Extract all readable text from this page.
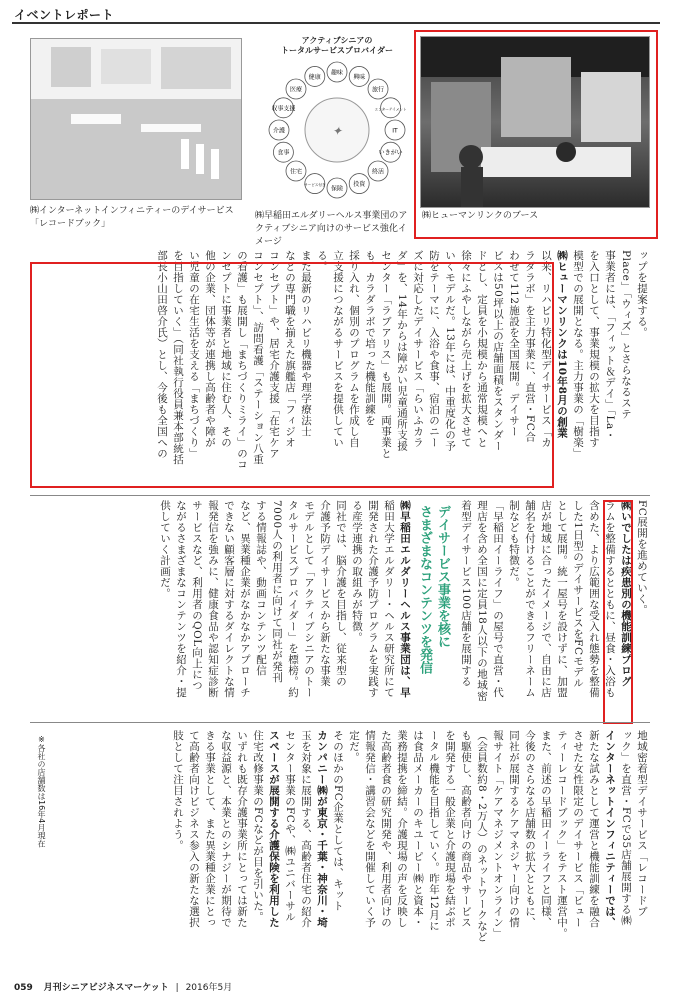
イベントレポート
㈱インターネットインフィニティーのデイサービス「レコードブック」
アクティブシニアの
トータルサービスプロバイダー
✦
趣味
興味
旅行
エンターテイメント
IT
いきがい
終活
投資
保険
サービス付き
住宅
食事
介護
収事支援
医療
健康
㈱早稲田エルダリーヘルス事業団のアクティブシニア向けのサービス強化イメージ
㈱ヒューマンリンクのブース
ップを提案する。
Place」「ウィズ」とさらなるステ
事業者には、「フィット＆デイ」「La・
を入口として、事業規模の拡大を目指す
模型での展開となる。主力事業の「樹楽」
㈱ヒューマンリンクは10年8月の創業
以来、リハビリ特化型デイサービス「カ
ラダラボ」を主力事業に、直営・FC合
わせて112施設を全国展開。デイサー
ビスは50坪以上の店舗面積をスタンダー
ドとし、定員を小規模から通常規模へと
徐々にふやしながら売上げを拡大させて
いくモデルだ。13年には、中重度化の予
防をテーマに、入浴や食事、宿泊のニー
ズに対応したデイサービス「らいふカラ
ダ」を、14年からは障がい児童通所支援
センター「ラブアリス」も展開。両事業と
も、カラダラボで培った機能訓練を
採り入れ、個別のプログラムを作成し自
立支援につながるサービスを提供してい
る。
また最新のリハビリ機器や理学療法士
などの専門職を揃えた旗艦店「フィジオ
コンセプト」や、居宅介護支援「在宅ケア
コンセプト」、訪問看護「ステーション八重
の看護」も展開し「まちづくりミライ」のコ
ンセプトに事業者と地域に住む人、その
他の企業、団体等が連携し高齢者や障が
い児童の在宅生活を支える「まちづくり」
を目指していく」（同社執行役員兼本部統括
部長小山田啓介氏）とし、今後も全国への
FC展開を進めていく。
㈱いでしたは疾患別の機能訓練プログ
ラムを整備するとともに、昼食・入浴も
含めた、より広範囲な受入れ態勢を整備
した1日型のデイサービスをFCモデル
として展開。統一屋号を設けずに、加盟
店が地域に合ったイメージで、自由に店
舗名を付けることができるフリーネーム
制なども特徴だ。
「早稲田イーライフ」の屋号で直営・代
理店を含め全国に定員18人以下の地域密
着型デイサービス100店舗を展開する
㈱早稲田エルダリーヘルス事業団は、早
稲田大学エルダリー・ヘルス研究所にて
開発された介護予防プログラムを実践す
る産学連携の取組みが特徴。
同社では、脳介護を目指し、従来型の
介護予防デイサービスから新たな事業
モデルとして「アクティブシニアのトー
タルサービスプロバイダー」を標榜。約
7000人の利用者に向けて同社が発刊
する情報誌や、動画コンテンツ配信
など、異業種企業がなかなかアプローチ
できない顧客層に対するダイレクトな情
報発信を強みに、健康食品や認知症診断
サービスなど、利用者のQOL向上につ
ながるさまざまなコンテンツを紹介・提
供していく計画だ。	デイサービス事業を核に
さまざまなコンテンツを発信
地域密着型デイサービス「レコードブ
ック」を直営・FCで35店舗展開する㈱
インターネットインフィニティーでは、
新たな試みとして運営と機能訓練を融合
させた女性限定のデイサービス「ビュー
ティーレコードブック」をテスト運営中。
また、前述の早稲田イーライフと同様、
今後のさらなる店舗数の拡大とともに、
同社が展開するケアマネジャー向けの情
報サイト「ケアマネジメントオンライン」
（会員数約8・2万人）のネットワークなど
も駆使し、高齢者向けの商品やサービス
を開発する一般企業と介護現場を結ぶポ
ータル機能を目指していく。昨年12月に
は食品メーカーのキユーピー㈱と資本・
業務提携を締結。介護現場の声を反映し
た高齢者食の研究開発や、利用者向けの
情報発信・講習会などを開催していく予
定だ。
そのほかのFC企業としては、キット
カンパニー㈱が東京・千葉・神奈川・埼
玉を対象に展開する、高齢者住宅の紹介
センター事業のFCや、㈱ユニバーサル
スペースが展開する介護保険を利用した
住宅改修事業のFCなどが目を引いた。
いずれも既存介護事業所にとっては新た
な収益源と、本業とのシナジーが期待で
きる事業として、また異業種企業にとっ
て高齢者向けビジネス参入の新たな選択
肢として注目されよう。
※各社の店舗数は16年4月現在
059 月刊シニアビジネスマーケット | 2016年5月
